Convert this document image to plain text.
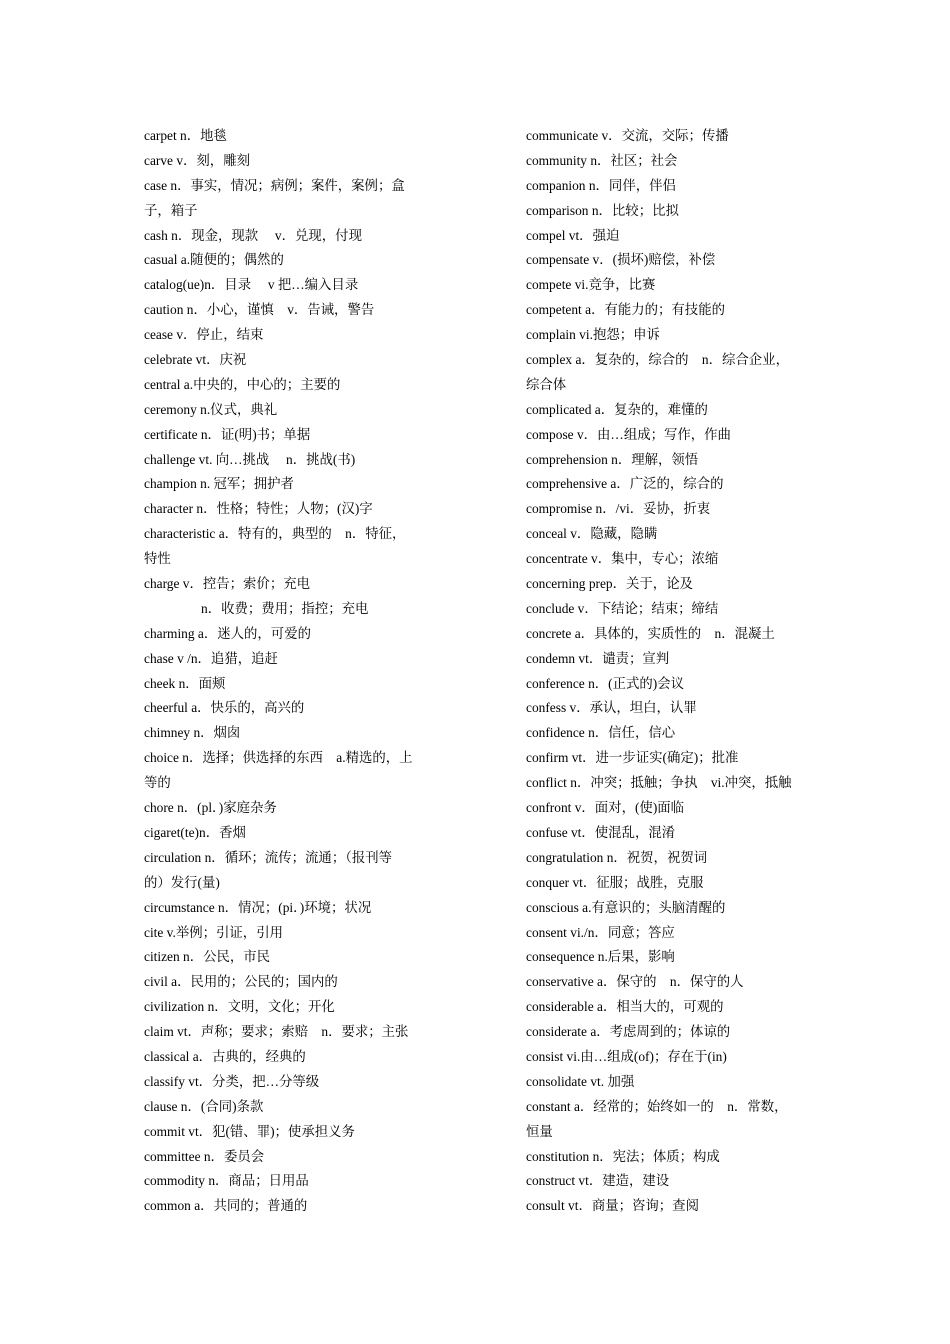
carpet n．地毯
carve v．刻，雕刻
case n．事实，情况；病例；案件，案例；盒
子，箱子
cash n．现金，现款　 v．兑现，付现
casual a.随便的；偶然的
catalog(ue)n．目录　 v 把…编入目录
caution n．小心，谨慎　v．告诫，警告
cease v．停止，结束
celebrate vt．庆祝
central a.中央的，中心的；主要的
ceremony n.仪式，典礼
certificate n．证(明)书；单据
challenge vt. 向…挑战　 n．挑战(书)
champion n. 冠军；拥护者
character n．性格；特性；人物；(汉)字
characteristic a．特有的，典型的　n．特征，
特性
charge v．控告；索价；充电
n．收费；费用；指控；充电
charming a．迷人的，可爱的
chase v /n．追猎，追赶
cheek n．面颊
cheerful a．快乐的，高兴的
chimney n．烟囱
choice n．选择；供选择的东西　a.精选的，上
等的
chore n．(pl．)家庭杂务
cigaret(te)n．香烟
circulation n．循环；流传；流通；（报刊等
的）发行(量)
circumstance n．情况；(pi．)环境；状况
cite v.举例；引证，引用
citizen n．公民，市民
civil a．民用的；公民的；国内的
civilization n．文明，文化；开化
claim vt．声称；要求；索赔　n．要求；主张
classical a．古典的，经典的
classify vt．分类，把…分等级
clause n．(合同)条款
commit vt．犯(错、罪)；使承担义务
committee n．委员会
commodity n．商品；日用品
common a．共同的；普通的
communicate v．交流，交际；传播
community n．社区；社会
companion n．同伴，伴侣
comparison n．比较；比拟
compel vt．强迫
compensate v．(损坏)赔偿，补偿
compete vi.竞争，比赛
competent a．有能力的；有技能的
complain vi.抱怨；申诉
complex a．复杂的，综合的　n．综合企业，
综合体
complicated a．复杂的，难懂的
compose v．由…组成；写作，作曲
comprehension n．理解，领悟
comprehensive a．广泛的，综合的
compromise n．/vi．妥协，折衷
conceal v．隐藏，隐瞒
concentrate v．集中，专心；浓缩
concerning prep．关于，论及
conclude v．下结论；结束；缔结
concrete a．具体的，实质性的　n．混凝土
condemn vt．谴责；宣判
conference n．(正式的)会议
confess v．承认，坦白，认罪
confidence n．信任，信心
confirm vt．进一步证实(确定)；批准
conflict n．冲突；抵触；争执　vi.冲突，抵触
confront v．面对，(使)面临
confuse vt．使混乱，混淆
congratulation n．祝贺，祝贺词
conquer vt．征服；战胜，克服
conscious a.有意识的；头脑清醒的
consent vi./n．同意；答应
consequence n.后果，影响
conservative a．保守的　n．保守的人
considerable a．相当大的，可观的
considerate a．考虑周到的；体谅的
consist vi.由…组成(of)；存在于(in)
consolidate vt. 加强
constant a．经常的；始终如一的　n．常数，
恒量
constitution n．宪法；体质；构成
construct vt．建造，建设
consult vt．商量；咨询；查阅
